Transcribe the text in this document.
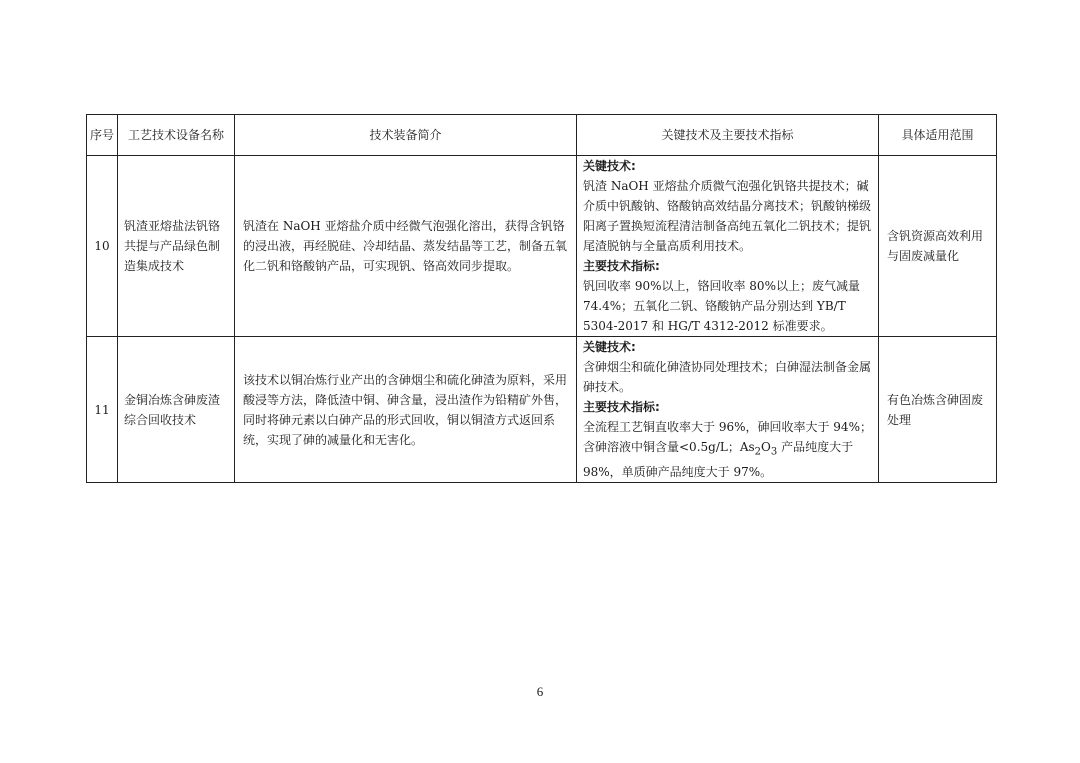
序号	工艺技术设备名称	技术装备简介	关键技术及主要技术指标	具体适用范围
10	钒渣亚熔盐法钒铬共提与产品绿色制造集成技术	钒渣在 NaOH 亚熔盐介质中经微气泡强化溶出，获得含钒铬的浸出液，再经脱硅、冷却结晶、蒸发结晶等工艺，制备五氧化二钒和铬酸钠产品，可实现钒、铬高效同步提取。	关键技术:
钒渣 NaOH 亚熔盐介质微气泡强化钒铬共提技术；碱介质中钒酸钠、铬酸钠高效结晶分离技术；钒酸钠梯级阳离子置换短流程清洁制备高纯五氧化二钒技术；提钒尾渣脱钠与全量高质利用技术。
主要技术指标:
钒回收率 90%以上，铬回收率 80%以上；废气减量 74.4%；五氧化二钒、铬酸钠产品分别达到 YB/T 5304-2017 和 HG/T 4312-2012 标准要求。	含钒资源高效利用与固废减量化
11	金铜冶炼含砷废渣综合回收技术	该技术以铜冶炼行业产出的含砷烟尘和硫化砷渣为原料，采用酸浸等方法，降低渣中铜、砷含量，浸出渣作为铅精矿外售，同时将砷元素以白砷产品的形式回收，铜以铜渣方式返回系统，实现了砷的减量化和无害化。	关键技术:
含砷烟尘和硫化砷渣协同处理技术；白砷湿法制备金属砷技术。
主要技术指标:
全流程工艺铜直收率大于 96%，砷回收率大于 94%；含砷溶液中铜含量<0.5g/L；$As_2O_3$ 产品纯度大于 98%，单质砷产品纯度大于 97%。	有色冶炼含砷固废处理
6
